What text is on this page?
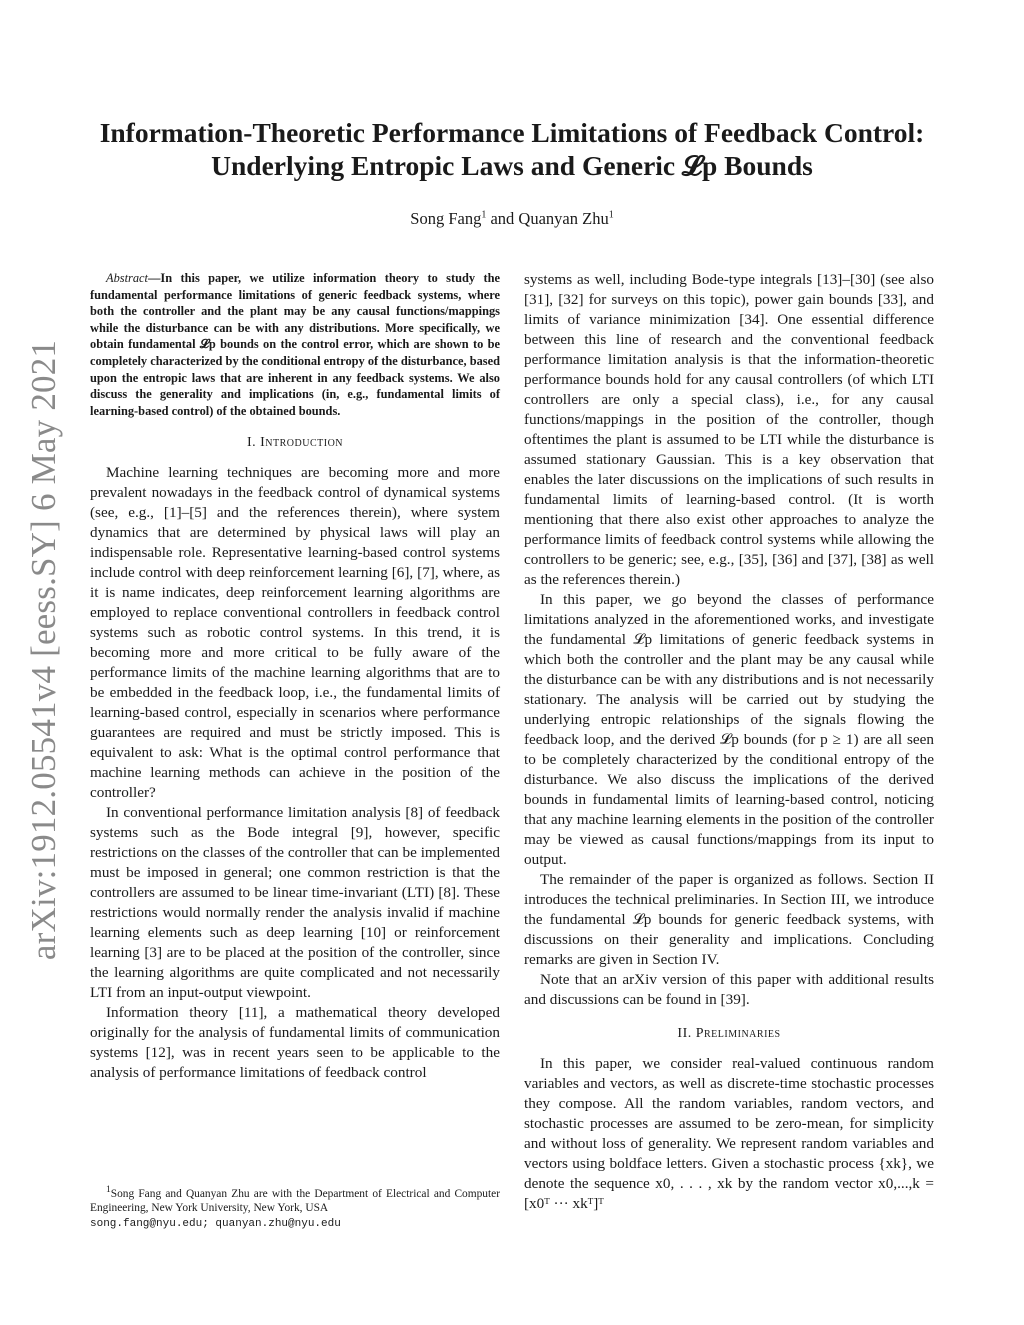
arXiv:1912.05541v4 [eess.SY] 6 May 2021
Information-Theoretic Performance Limitations of Feedback Control:
Underlying Entropic Laws and Generic 𝓛p Bounds
Song Fang$^1$ and Quanyan Zhu$^1$

Abstract—In this paper, we utilize information theory to study the fundamental performance limitations of generic feedback systems, where both the controller and the plant may be any causal functions/mappings while the disturbance can be with any distributions. More specifically, we obtain fundamental 𝓛p bounds on the control error, which are shown to be completely characterized by the conditional entropy of the disturbance, based upon the entropic laws that are inherent in any feedback systems. We also discuss the generality and implications (in, e.g., fundamental limits of learning-based control) of the obtained bounds.

I. Introduction

Machine learning techniques are becoming more and more prevalent nowadays in the feedback control of dynamical systems (see, e.g., [1]–[5] and the references therein), where system dynamics that are determined by physical laws will play an indispensable role. Representative learning-based control systems include control with deep reinforcement learning [6], [7], where, as it is name indicates, deep reinforcement learning algorithms are employed to replace conventional controllers in feedback control systems such as robotic control systems. In this trend, it is becoming more and more critical to be fully aware of the performance limits of the machine learning algorithms that are to be embedded in the feedback loop, i.e., the fundamental limits of learning-based control, especially in scenarios where performance guarantees are required and must be strictly imposed. This is equivalent to ask: What is the optimal control performance that machine learning methods can achieve in the position of the controller?

In conventional performance limitation analysis [8] of feedback systems such as the Bode integral [9], however, specific restrictions on the classes of the controller that can be implemented must be imposed in general; one common restriction is that the controllers are assumed to be linear time-invariant (LTI) [8]. These restrictions would normally render the analysis invalid if machine learning elements such as deep learning [10] or reinforcement learning [3] are to be placed at the position of the controller, since the learning algorithms are quite complicated and not necessarily LTI from an input-output viewpoint.

Information theory [11], a mathematical theory developed originally for the analysis of fundamental limits of communication systems [12], was in recent years seen to be applicable to the analysis of performance limitations of feedback control

systems as well, including Bode-type integrals [13]–[30] (see also [31], [32] for surveys on this topic), power gain bounds [33], and limits of variance minimization [34]. One essential difference between this line of research and the conventional feedback performance limitation analysis is that the information-theoretic performance bounds hold for any causal controllers (of which LTI controllers are only a special class), i.e., for any causal functions/mappings in the position of the controller, though oftentimes the plant is assumed to be LTI while the disturbance is assumed stationary Gaussian. This is a key observation that enables the later discussions on the implications of such results in fundamental limits of learning-based control. (It is worth mentioning that there also exist other approaches to analyze the performance limits of feedback control systems while allowing the controllers to be generic; see, e.g., [35], [36] and [37], [38] as well as the references therein.)

In this paper, we go beyond the classes of performance limitations analyzed in the aforementioned works, and investigate the fundamental 𝓛p limitations of generic feedback systems in which both the controller and the plant may be any causal while the disturbance can be with any distributions and is not necessarily stationary. The analysis will be carried out by studying the underlying entropic relationships of the signals flowing the feedback loop, and the derived 𝓛p bounds (for p ≥ 1) are all seen to be completely characterized by the conditional entropy of the disturbance. We also discuss the implications of the derived bounds in fundamental limits of learning-based control, noticing that any machine learning elements in the position of the controller may be viewed as causal functions/mappings from its input to output.

The remainder of the paper is organized as follows. Section II introduces the technical preliminaries. In Section III, we introduce the fundamental 𝓛p bounds for generic feedback systems, with discussions on their generality and implications. Concluding remarks are given in Section IV.

Note that an arXiv version of this paper with additional results and discussions can be found in [39].

II. Preliminaries

In this paper, we consider real-valued continuous random variables and vectors, as well as discrete-time stochastic processes they compose. All the random variables, random vectors, and stochastic processes are assumed to be zero-mean, for simplicity and without loss of generality. We represent random variables and vectors using boldface letters. Given a stochastic process {xk}, we denote the sequence x0, . . . , xk by the random vector x0,...,k = [x0ᵀ ··· xkᵀ]ᵀ

$^1$Song Fang and Quanyan Zhu are with the Department of Electrical and Computer Engineering, New York University, New York, USA
song.fang@nyu.edu; quanyan.zhu@nyu.edu
